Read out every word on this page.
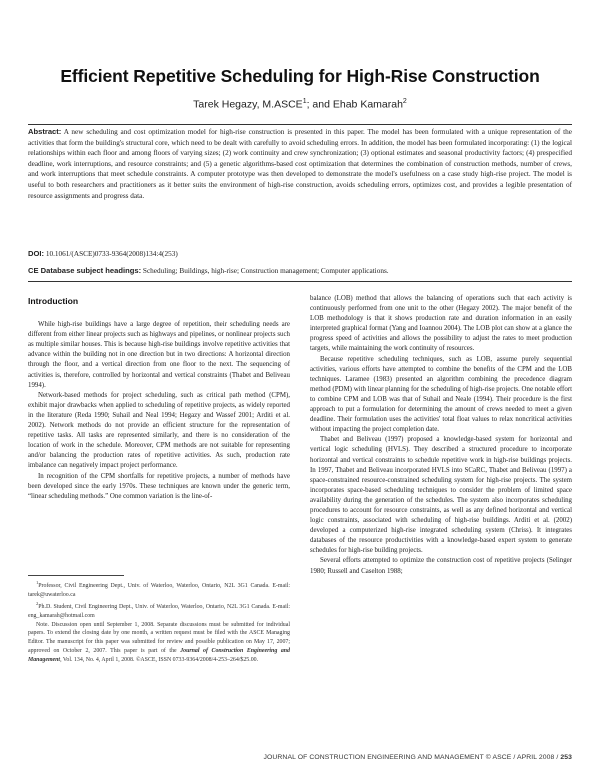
Efficient Repetitive Scheduling for High-Rise Construction
Tarek Hegazy, M.ASCE$^1$; and Ehab Kamarah$^2$
Abstract: A new scheduling and cost optimization model for high-rise construction is presented in this paper. The model has been formulated with a unique representation of the activities that form the building's structural core, which need to be dealt with carefully to avoid scheduling errors. In addition, the model has been formulated incorporating: (1) the logical relationships within each floor and among floors of varying sizes; (2) work continuity and crew synchronization; (3) optional estimates and seasonal productivity factors; (4) prespecified deadline, work interruptions, and resource constraints; and (5) a genetic algorithms-based cost optimization that determines the combination of construction methods, number of crews, and work interruptions that meet schedule constraints. A computer prototype was then developed to demonstrate the model's usefulness on a case study high-rise project. The model is useful to both researchers and practitioners as it better suits the environment of high-rise construction, avoids scheduling errors, optimizes cost, and provides a legible presentation of resource assignments and progress data.
DOI: 10.1061/(ASCE)0733-9364(2008)134:4(253)
CE Database subject headings: Scheduling; Buildings, high-rise; Construction management; Computer applications.
Introduction

While high-rise buildings have a large degree of repetition, their scheduling needs are different from either linear projects such as highways and pipelines, or nonlinear projects such as multiple similar houses. This is because high-rise buildings involve repetitive activities that advance within the building not in one direction but in two directions: A horizontal direction through the floor, and a vertical direction from one floor to the next. The sequencing of activities is, therefore, controlled by horizontal and vertical constraints (Thabet and Beliveau 1994).

Network-based methods for project scheduling, such as critical path method (CPM), exhibit major drawbacks when applied to scheduling of repetitive projects, as widely reported in the literature (Reda 1990; Suhail and Neal 1994; Hegazy and Wassef 2001; Arditi et al. 2002). Network methods do not provide an efficient structure for the representation of repetitive tasks. All tasks are represented similarly, and there is no consideration of the location of work in the schedule. Moreover, CPM methods are not suitable for representing and/or balancing the production rates of repetitive activities. As such, production rate imbalance can negatively impact project performance.

In recognition of the CPM shortfalls for repetitive projects, a number of methods have been developed since the early 1970s. These techniques are known under the generic term, “linear scheduling methods.” One common variation is the line-of-

$^1$Professor, Civil Engineering Dept., Univ. of Waterloo, Waterloo, Ontario, N2L 3G1 Canada. E-mail: tarek@uwaterloo.ca

$^2$Ph.D. Student, Civil Engineering Dept., Univ. of Waterloo, Waterloo, Ontario, N2L 3G1 Canada. E-mail: eng_kamarah@hotmail.com

Note. Discussion open until September 1, 2008. Separate discussions must be submitted for individual papers. To extend the closing date by one month, a written request must be filed with the ASCE Managing Editor. The manuscript for this paper was submitted for review and possible publication on May 17, 2007; approved on October 2, 2007. This paper is part of the Journal of Construction Engineering and Management, Vol. 134, No. 4, April 1, 2008. ©ASCE, ISSN 0733-9364/2008/4-253–264/$25.00.

balance (LOB) method that allows the balancing of operations such that each activity is continuously performed from one unit to the other (Hegazy 2002). The major benefit of the LOB methodology is that it shows production rate and duration information in an easily interpreted graphical format (Yang and Ioannou 2004). The LOB plot can show at a glance the progress speed of activities and allows the possibility to adjust the rates to meet production targets, while maintaining the work continuity of resources.

Because repetitive scheduling techniques, such as LOB, assume purely sequential activities, various efforts have attempted to combine the benefits of the CPM and the LOB techniques. Laramee (1983) presented an algorithm combining the precedence diagram method (PDM) with linear planning for the scheduling of high-rise projects. One notable effort to combine CPM and LOB was that of Suhail and Neale (1994). Their procedure is the first approach to put a formulation for determining the amount of crews needed to meet a given deadline. Their formulation uses the activities' total float values to relax noncritical activities without impacting the project completion date.

Thabet and Beliveau (1997) proposed a knowledge-based system for horizontal and vertical logic scheduling (HVLS). They described a structured procedure to incorporate horizontal and vertical constraints to schedule repetitive work in high-rise buildings projects. In 1997, Thabet and Beliveau incorporated HVLS into SCaRC, Thabet and Beliveau (1997) a space-constrained resource-constrained scheduling system for high-rise projects. The system incorporates space-based scheduling techniques to consider the problem of limited space availability during the generation of the schedules. The system also incorporates scheduling procedures to account for resource constraints, as well as any defined horizontal and vertical logic constraints, associated with scheduling of high-rise buildings. Arditi et al. (2002) developed a computerized high-rise integrated scheduling system (Chriss). It integrates databases of the resource productivities with a knowledge-based expert system to generate schedules for high-rise building projects.

Several efforts attempted to optimize the construction cost of repetitive projects (Selinger 1980; Russell and Caselton 1988;

JOURNAL OF CONSTRUCTION ENGINEERING AND MANAGEMENT © ASCE / APRIL 2008 / 253
